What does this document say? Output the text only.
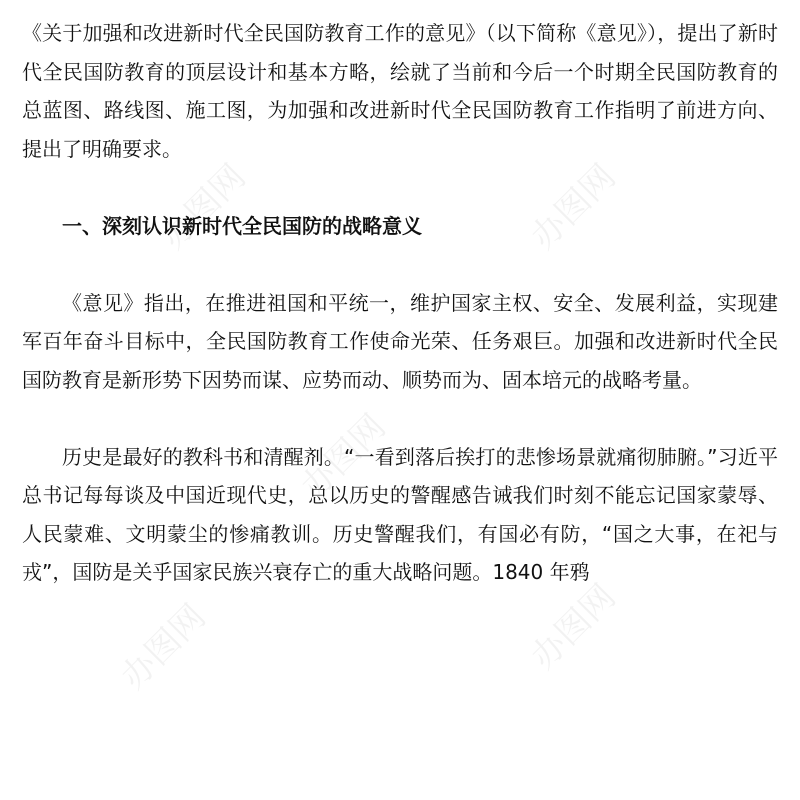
办图网	办图网
办图网
办图网	办图网

《关于加强和改进新时代全民国防教育工作的意见》（以下简称《意见》），提出了新时代全民国防教育的顶层设计和基本方略，绘就了当前和今后一个时期全民国防教育的总蓝图、路线图、施工图，为加强和改进新时代全民国防教育工作指明了前进方向、提出了明确要求。

一、深刻认识新时代全民国防的战略意义

《意见》指出，在推进祖国和平统一，维护国家主权、安全、发展利益，实现建军百年奋斗目标中，全民国防教育工作使命光荣、任务艰巨。加强和改进新时代全民国防教育是新形势下因势而谋、应势而动、顺势而为、固本培元的战略考量。

历史是最好的教科书和清醒剂。“一看到落后挨打的悲惨场景就痛彻肺腑。”习近平总书记每每谈及中国近现代史，总以历史的警醒感告诫我们时刻不能忘记国家蒙辱、人民蒙难、文明蒙尘的惨痛教训。历史警醒我们，有国必有防，“国之大事，在祀与戎”，国防是关乎国家民族兴衰存亡的重大战略问题。1840 年鸦
